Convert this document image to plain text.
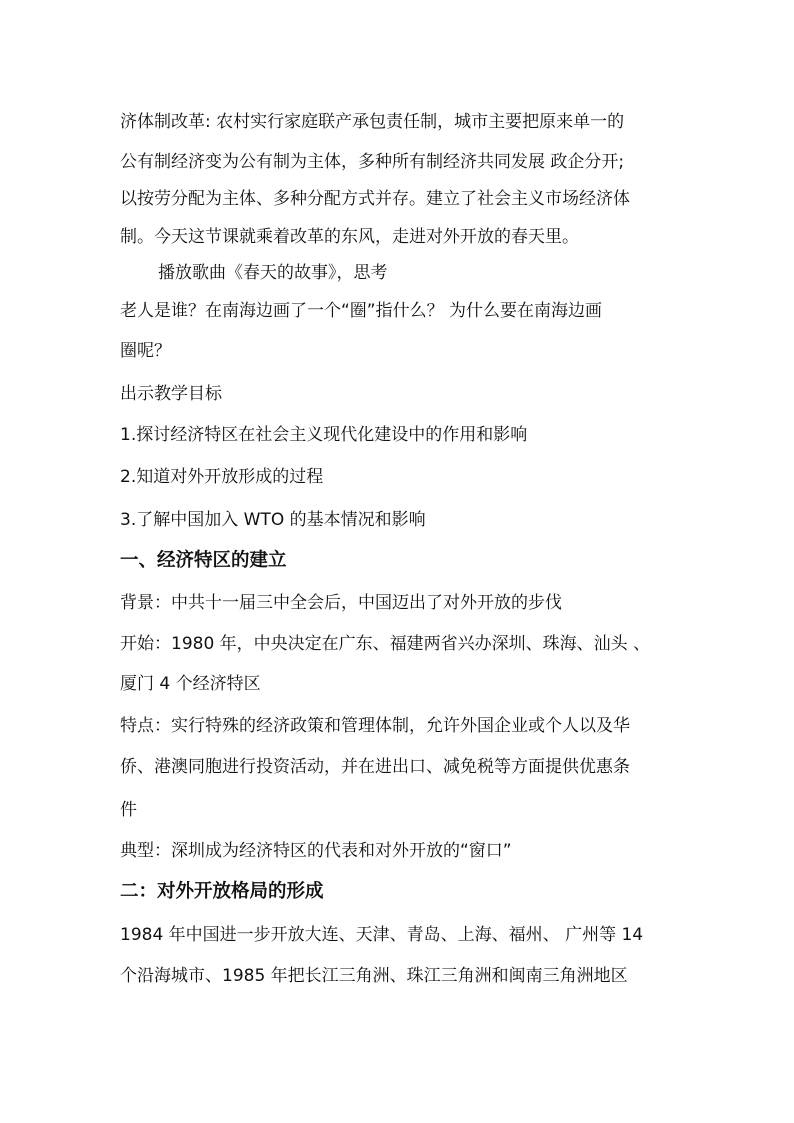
济体制改革: 农村实行家庭联产承包责任制，城市主要把原来单一的
公有制经济变为公有制为主体，多种所有制经济共同发展 政企分开;
以按劳分配为主体、多种分配方式并存。建立了社会主义市场经济体
制。今天这节课就乘着改革的东风，走进对外开放的春天里。
播放歌曲《春天的故事》，思考
老人是谁？在南海边画了一个“圈”指什么？ 为什么要在南海边画
圈呢？
出示教学目标
1.探讨经济特区在社会主义现代化建设中的作用和影响
2.知道对外开放形成的过程
3.了解中国加入 WTO 的基本情况和影响
一、经济特区的建立
背景：中共十一届三中全会后，中国迈出了对外开放的步伐
开始：1980 年，中央决定在广东、福建两省兴办深圳、珠海、汕头 、
厦门 4 个经济特区
特点：实行特殊的经济政策和管理体制，允许外国企业或个人以及华
侨、港澳同胞进行投资活动，并在进出口、减免税等方面提供优惠条
件
典型：深圳成为经济特区的代表和对外开放的“窗口”
二：对外开放格局的形成
1984 年中国进一步开放大连、天津、青岛、上海、福州、 广州等 14
个沿海城市、1985 年把长江三角洲、珠江三角洲和闽南三角洲地区
